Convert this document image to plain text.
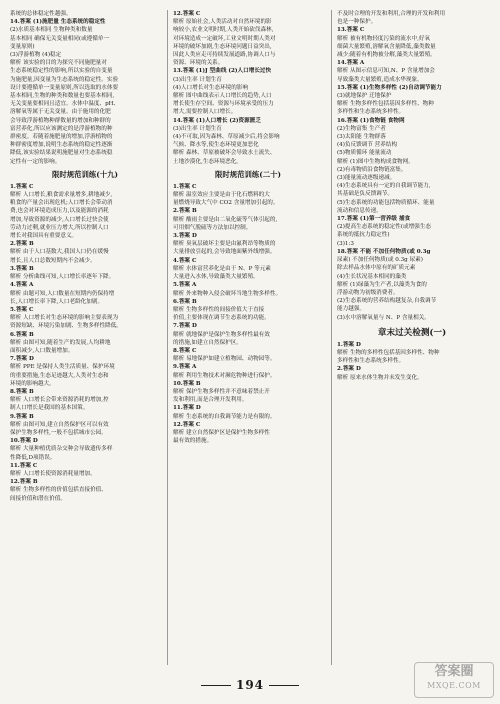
系统的总体稳定性越强。
14.答案 (1)施肥量 生态系统的稳定性
(2)水质基本相同 生物种类和数量
基本相同 确保无关变量相同(或遵循单一
变量原则)
(3)浮游植物 (4)稳定
解析 该实验的目的为探究不同施肥量对
生态系统稳定性的影响,所以实验的自变量
为施肥量,因变量为生态系统的稳定性。实验
设计要遵循单一变量原则,所以选取的水体要
基本相同,生物的种类和数量也要基本相同,
无关变量要相同且适宜。水体中温度、pH、
溶解氧等属于无关变量。由于施用的化肥
会导致浮游植物种群数量的增加和种群的
富营养化,所以应该测定的是浮游植物的种
群密度。若随着施肥量的增加,浮游植物的
种群密度增加,说明生态系统的稳定性逐渐
降低,该实验结果说明施肥量对生态系统稳
定性有一定的影响。
限时规范训练(十九)
1.答案 C
解析 人口增长,粮食需求量增多,耕地减少,
粮食的产量会出现危机;人口增长会带动消
费,也会对环境造成压力,以及能源的消耗
增加,导致资源的减少,人口增长过快会使
劳动力过剩,就业压力增大,所以控制人口
增长对我国具有重要意义。
2.答案 B
解析 由于人口基数大,我国人口仍在缓慢
增长,且人口总数短期内不会减少。
3.答案 B
解析 分析曲线可知,人口增长率逐年下降。
4.答案 A
解析 由题可知,人口数量在短期内仍保持增
长,人口增长率下降,人口老龄化加剧。
5.答案 C
解析 人口增长对生态环境的影响主要表现为
资源短缺、环境污染加剧、生物多样性降低。
6.答案 B
解析 由图可知,随着生产的发展,人均耕地
面积减少,人口数量增加。
7.答案 D
解析 PPE 是保持人类生活质量、保护环境
的重要措施,生态足迹越大,人类对生态和
环境的影响越大。
8.答案 B
解析 人口增长会带来资源消耗的增加,控
制人口增长是我国的基本国策。
9.答案 B
解析 由图可知,建立自然保护区可以有效
保护生物多样性,一般不包括城市公园。
10.答案 D
解析 大量种植优质杂交种会导致遗传多样
性降低,D项错误。
11.答案 C
解析 人口增长使资源消耗量增加。
12.答案 B
解析 生物多样性的价值包括直接价值、
间接价值和潜在价值。
12.答案 C
解析 原始社会,人类活动对自然环境的影
响较小,农业文明时期,人类开始砍伐森林,
对环境造成一定破坏,工业文明时期人类对
环境的破坏加剧,生态环境问题日益突出,
因此人类应走可持续发展道路,协调人口与
资源、环境的关系。
13.答案 (1)J 型曲线 (2)人口增长过快
(3)出生率 计划生育
(4)人口增长对生态环境的影响
解析 图中曲线表示人口增长的趋势,人口
增长使生存空间、资源与环境承受的压力
增大,需要控制人口增长。
14.答案 (1)人口增长 (2)资源匮乏
(3)出生率 计划生育
(4)不可取,因为森林、草原减少后,将会影响
气候、降水等,使生态环境更加恶化
解析 森林、草原被破坏会导致水土流失、
土地沙漠化,生态环境恶化。
限时规范训练(二十)
1.答案 C
解析 温室效应主要是由于化石燃料的大
量燃烧导致大气中 CO2 含量增加引起的。
2.答案 B
解析 酸雨主要是由二氧化硫等气体引起的,
可用烟气脱硫等方法加以控制。
3.答案 D
解析 臭氧层破坏主要是由氟利昂等物质的
大量排放引起的,会导致地面紫外线增强。
4.答案 C
解析 水体富营养化是由于 N、P 等元素
大量进入水体,导致藻类大量繁殖。
5.答案 A
解析 外来物种入侵会破坏当地生物多样性。
6.答案 B
解析 生物多样性的间接价值大于直接
价值,主要体现在调节生态系统的功能。
7.答案 D
解析 就地保护是保护生物多样性最有效
的措施,如建立自然保护区。
8.答案 C
解析 易地保护如建立植物园、动物园等。
9.答案 A
解析 利用生物技术对濒危物种进行保护。
10.答案 B
解析 保护生物多样性并不意味着禁止开
发和利用,而是合理开发利用。
11.答案 D
解析 生态系统的自我调节能力是有限的。
12.答案 C
解析 建立自然保护区是保护生物多样性
最有效的措施。
不及时合理的开发和利用,合理的开发和利用
也是一种保护。
13.答案 C
解析 被有机物轻度污染的流水中,好氧
细菌大量繁殖,溶解氧含量降低,藻类数量
减少;随着有机物被分解,藻类大量繁殖。
14.答案 A
解析 从图示信息可知,N、P 含量增加会
导致藻类大量繁殖,造成水华现象。
15.答案 (1)生物多样性 (2)自动调节能力
(3)就地保护 迁地保护
解析 生物多样性包括基因多样性、物种
多样性和生态系统多样性。
16.答案 (1)食物链 食物网
(2)生物富集 生产者
(3)太阳能 生物群落
(4)负反馈调节 营养结构
(5)物质循环 能量流动
解析 (1)图中生物构成食物网。
(2)有毒物质沿食物链富集。
(3)能量流动逐级递减。
(4)生态系统具有一定的自我调节能力,
其基础是负反馈调节。
(5)生态系统的功能包括物质循环、能量
流动和信息传递。
17.答案 (1)第一营养级 捕食
(2)提高生态系统的稳定性(或增强生态
系统的抵抗力稳定性)
(3)1:3
18.答案 不能 不加任何物质(或 0.3g
尿素) 不加任何物质(或 0.3g 尿素)
除去样品水体中原有的矿质元素
(4)生长状况基本相同的藻类
解析 (1)绿藻为生产者,以藻类为食的
浮游动物为初级消费者。
(2)生态系统的营养结构越复杂,自我调节
能力越强。
(3)水中溶解氧量与 N、P 含量相关。
章末过关检测(一)
1.答案 D
解析 生物的多样性包括基因多样性、物种
多样性和生态系统多样性。
2.答案 D
解析 原来水体生物并未发生变化。
194
答案圈
MXQE.COM
